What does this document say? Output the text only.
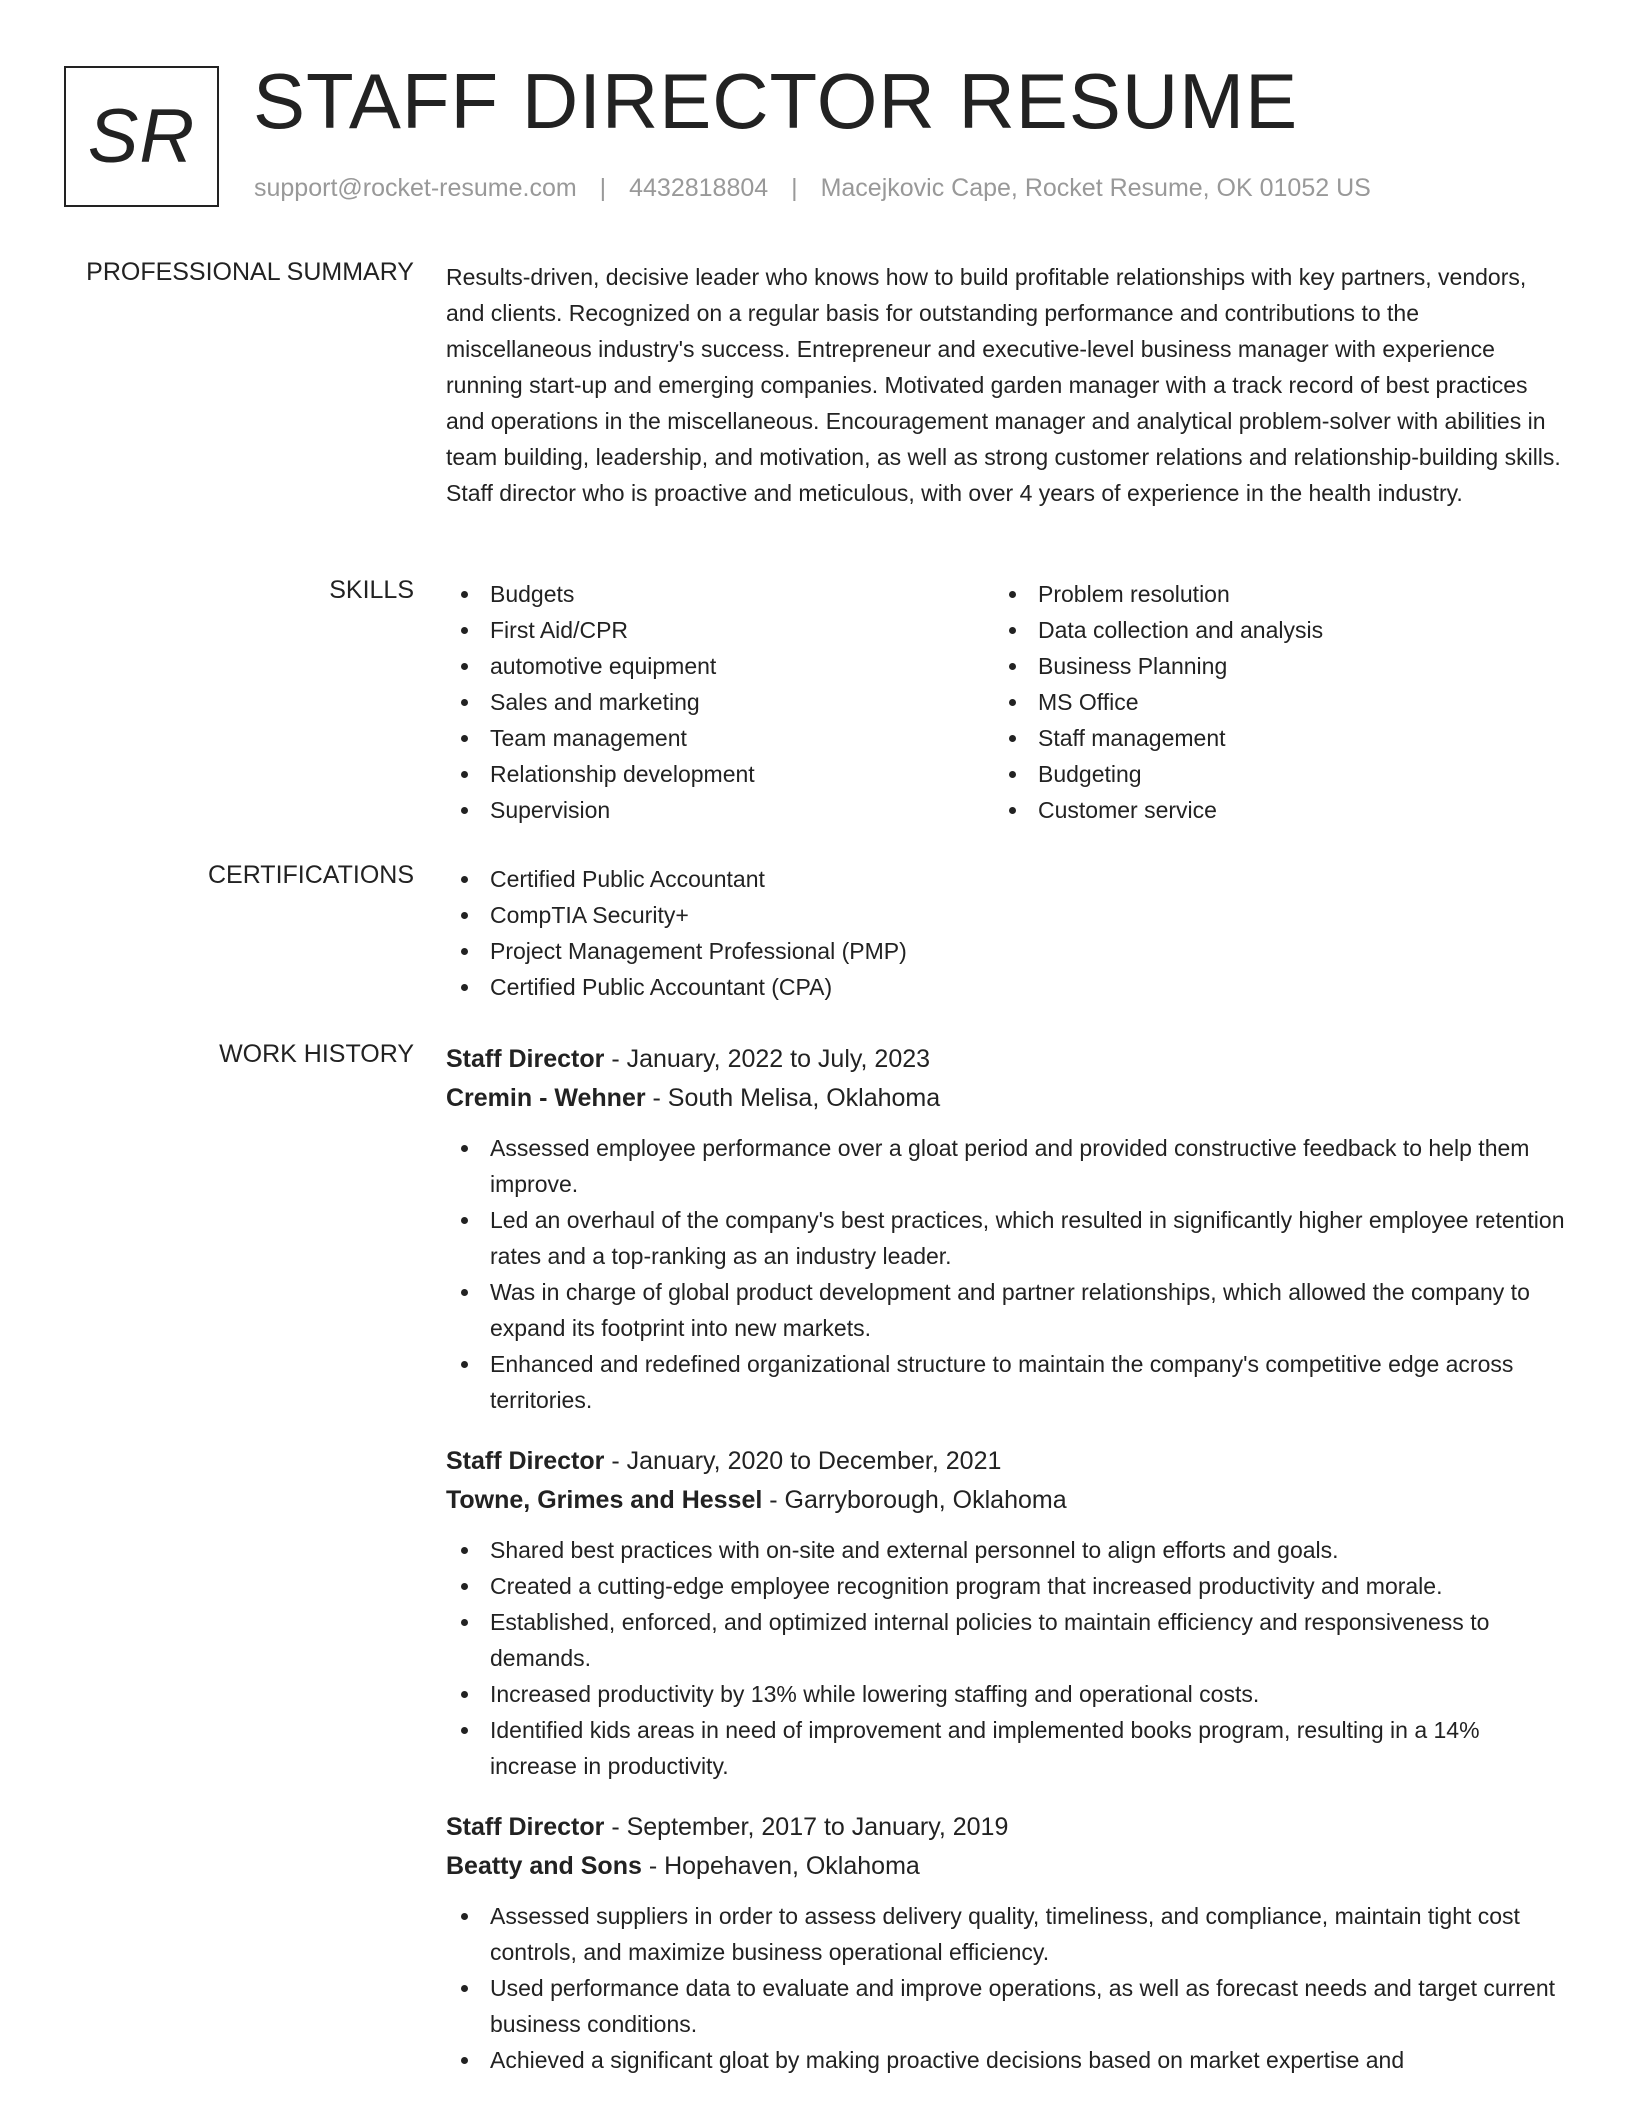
SR STAFF DIRECTOR RESUME
support@rocket-resume.com | 4432818804 | Macejkovic Cape, Rocket Resume, OK 01052 US
PROFESSIONAL SUMMARY Results-driven, decisive leader who knows how to build profitable relationships with key partners, vendors, and clients. Recognized on a regular basis for outstanding performance and contributions to the miscellaneous industry's success. Entrepreneur and executive-level business manager with experience running start-up and emerging companies. Motivated garden manager with a track record of best practices and operations in the miscellaneous. Encouragement manager and analytical problem-solver with abilities in team building, leadership, and motivation, as well as strong customer relations and relationship-building skills. Staff director who is proactive and meticulous, with over 4 years of experience in the health industry.

SKILLS	Budgets
First Aid/CPR
automotive equipment
Sales and marketing
Team management
Relationship development
Supervision
Problem resolution
Data collection and analysis
Business Planning
MS Office
Staff management
Budgeting
Customer service
CERTIFICATIONS	Certified Public Accountant
CompTIA Security+
Project Management Professional (PMP)
Certified Public Accountant (CPA)
WORK HISTORY Staff Director - January, 2022 to July, 2023
Cremin - Wehner - South Melisa, Oklahoma
Assessed employee performance over a gloat period and provided constructive feedback to help them improve.
Led an overhaul of the company's best practices, which resulted in significantly higher employee retention rates and a top-ranking as an industry leader.
Was in charge of global product development and partner relationships, which allowed the company to expand its footprint into new markets.
Enhanced and redefined organizational structure to maintain the company's competitive edge across territories.
Staff Director - January, 2020 to December, 2021
Towne, Grimes and Hessel - Garryborough, Oklahoma
Shared best practices with on-site and external personnel to align efforts and goals.
Created a cutting-edge employee recognition program that increased productivity and morale.
Established, enforced, and optimized internal policies to maintain efficiency and responsiveness to demands.
Increased productivity by 13% while lowering staffing and operational costs.
Identified kids areas in need of improvement and implemented books program, resulting in a 14% increase in productivity.
Staff Director - September, 2017 to January, 2019
Beatty and Sons - Hopehaven, Oklahoma
Assessed suppliers in order to assess delivery quality, timeliness, and compliance, maintain tight cost controls, and maximize business operational efficiency.
Used performance data to evaluate and improve operations, as well as forecast needs and target current business conditions.
Achieved a significant gloat by making proactive decisions based on market expertise and
